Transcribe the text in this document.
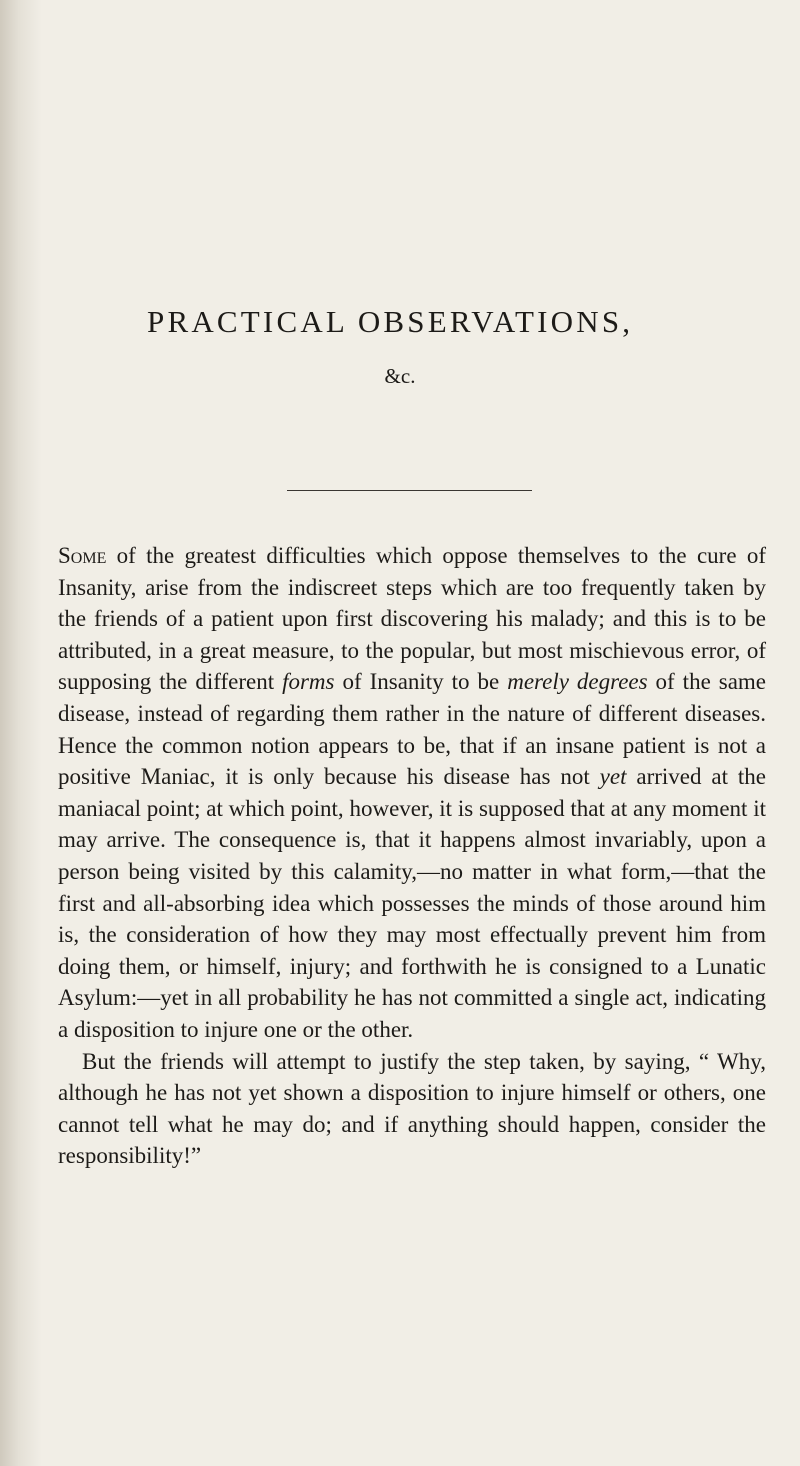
PRACTICAL OBSERVATIONS,
&c.

Some of the greatest difficulties which oppose themselves to the cure of Insanity, arise from the indiscreet steps which are too frequently taken by the friends of a patient upon first discovering his malady; and this is to be attributed, in a great measure, to the popular, but most mischievous error, of supposing the different forms of Insanity to be merely degrees of the same disease, instead of regarding them rather in the nature of different diseases. Hence the common notion appears to be, that if an insane patient is not a positive Maniac, it is only because his disease has not yet arrived at the maniacal point; at which point, however, it is supposed that at any moment it may arrive. The consequence is, that it happens almost invariably, upon a person being visited by this calamity,—no matter in what form,—that the first and all-absorbing idea which possesses the minds of those around him is, the consideration of how they may most effectually prevent him from doing them, or himself, injury; and forthwith he is consigned to a Lunatic Asylum:—yet in all probability he has not committed a single act, indicating a disposition to injure one or the other.

But the friends will attempt to justify the step taken, by saying, “ Why, although he has not yet shown a disposition to injure himself or others, one cannot tell what he may do; and if anything should happen, consider the responsibility!”
